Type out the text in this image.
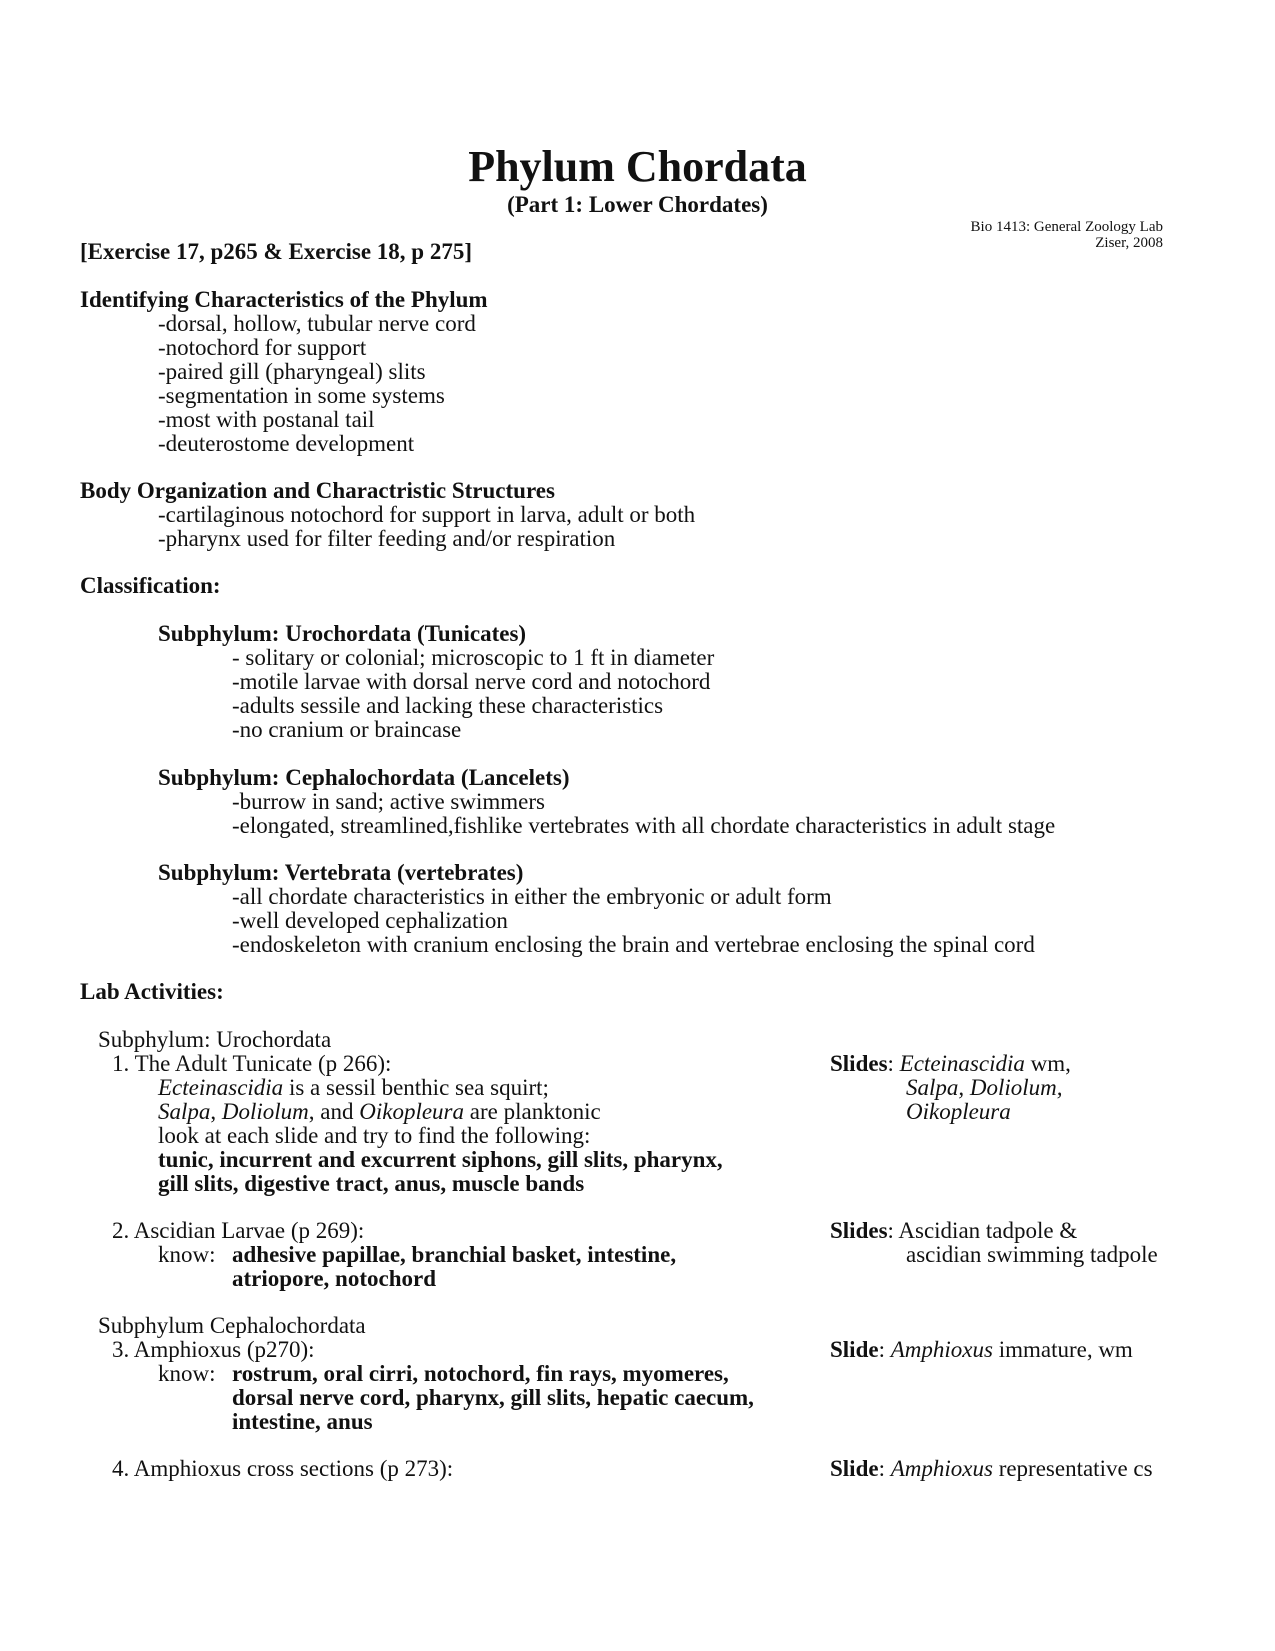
Phylum Chordata
(Part 1: Lower Chordates)
Bio 1413: General Zoology Lab
Ziser, 2008
[Exercise 17, p265 & Exercise 18, p 275]
Identifying Characteristics of the Phylum
-dorsal, hollow, tubular nerve cord
-notochord for support
-paired gill (pharyngeal) slits
-segmentation in some systems
-most with postanal tail
-deuterostome development
Body Organization and Charactristic Structures
-cartilaginous notochord for support in larva, adult or both
-pharynx used for filter feeding and/or respiration
Classification:
Subphylum: Urochordata (Tunicates)
- solitary or colonial; microscopic to 1 ft in diameter
-motile larvae with dorsal nerve cord and notochord
-adults sessile and lacking these characteristics
-no cranium or braincase
Subphylum: Cephalochordata (Lancelets)
-burrow in sand; active swimmers
-elongated, streamlined,fishlike vertebrates with all chordate characteristics in adult stage
Subphylum: Vertebrata (vertebrates)
-all chordate characteristics in either the embryonic or adult form
-well developed cephalization
-endoskeleton with cranium enclosing the brain and vertebrae enclosing the spinal cord
Lab Activities:
Subphylum: Urochordata
1. The Adult Tunicate (p 266):
Ecteinascidia is a sessil benthic sea squirt;
Salpa, Doliolum, and Oikopleura are planktonic
look at each slide and try to find the following:
tunic, incurrent and excurrent siphons, gill slits, pharynx,
gill slits, digestive tract, anus, muscle bands
Slides: Ecteinascidia wm,
Salpa, Doliolum,
Oikopleura
2. Ascidian Larvae (p 269):
know: adhesive papillae, branchial basket, intestine,
atriopore, notochord
Slides: Ascidian tadpole &
ascidian swimming tadpole
Subphylum Cephalochordata
3. Amphioxus (p270):
know: rostrum, oral cirri, notochord, fin rays, myomeres,
dorsal nerve cord, pharynx, gill slits, hepatic caecum,
intestine, anus
Slide: Amphioxus immature, wm
4. Amphioxus cross sections (p 273):	Slide: Amphioxus representative cs
